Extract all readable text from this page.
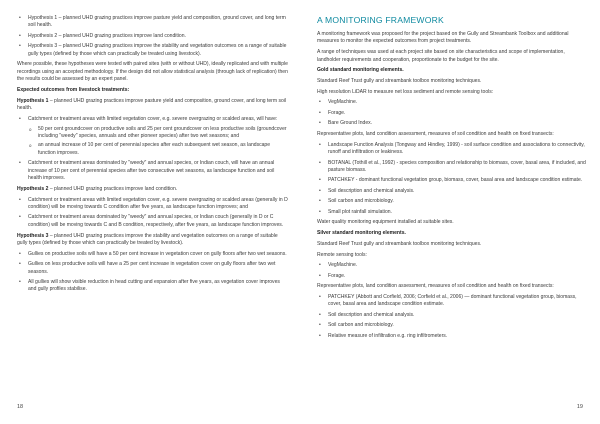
• Hypothesis 1 – planned UHD grazing practices improve pasture yield and composition, ground cover, and long term soil health.
• Hypothesis 2 – planned UHD grazing practices improve land condition.
• Hypothesis 3 – planned UHD grazing practices improve the stability and vegetation outcomes on a range of suitable gully types (defined by those which can practically be treated using livestock).

Where possible, these hypotheses were tested with paired sites (with or without UHD), ideally replicated and with multiple recordings using an accepted methodology. If the design did not allow statistical analysis (through lack of replication) then the results could be assessed by an expert panel.

Expected outcomes from livestock treatments:

Hypothesis 1 – planned UHD grazing practices improve pasture yield and composition, ground cover, and long term soil health.

• Catchment or treatment areas with limited vegetation cover, e.g. severe overgrazing or scalded areas, will have:
o 50 per cent groundcover on productive soils and 25 per cent groundcover on less productive soils (groundcover including "weedy" species, annuals and other pioneer species) after two wet seasons; and
o an annual increase of 10 per cent of perennial species after each subsequent wet season, as landscape function improves.
• Catchment or treatment areas dominated by "weedy" and annual species, or Indian couch, will have an annual increase of 10 per cent of perennial species after two consecutive wet seasons, as landscape function and soil health improves.

Hypothesis 2 – planned UHD grazing practices improve land condition.

• Catchment or treatment areas with limited vegetation cover, e.g. severe overgrazing or scalded areas (generally in D condition) will be moving towards C condition after five years, as landscape function improves; and
• Catchment or treatment areas dominated by "weedy" and annual species, or Indian couch (generally in D or C condition) will be moving towards C and B condition, respectively, after five years, as landscape function improves.

Hypothesis 3 – planned UHD grazing practices improve the stability and vegetation outcomes on a range of suitable gully types (defined by those which can practically be treated by livestock).

• Gullies on productive soils will have a 50 per cent increase in vegetation cover on gully floors after two wet seasons.
• Gullies on less productive soils will have a 25 per cent increase in vegetation cover on gully floors after two wet seasons.
• All gullies will show visible reduction in head cutting and expansion after five years, as vegetation cover improves and gully profiles stabilise.
18
A MONITORING FRAMEWORK

A monitoring framework was proposed for the project based on the Gully and Streambank Toolbox and additional measures to monitor the expected outcomes from project treatments.

A range of techniques was used at each project site based on site characteristics and scope of implementation, landholder requirements and cooperation, proportionate to the budget for the site.

Gold standard monitoring elements.

Standard Reef Trust gully and streambank toolbox monitoring techniques.

High resolution LiDAR to measure net loss sediment and remote sensing tools:

• VegMachine.
• Forage.
• Bare Ground Index.

Representative plots, land condition assessment, measures of soil condition and health on fixed transects:

• Landscape Function Analysis (Tongway and Hindley, 1999) - soil surface condition and associations to connectivity, runoff and infiltration or leakiness.
• BOTANAL (Tothill et al., 1992) - species composition and relationship to biomass, cover, basal area, if included, and pasture biomass.
• PATCHKEY - dominant functional vegetation group, biomass, cover, basal area and landscape condition estimate.
• Soil description and chemical analysis.
• Soil carbon and microbiology.
• Small plot rainfall simulation.

Water quality monitoring equipment installed at suitable sites.

Silver standard monitoring elements.

Standard Reef Trust gully and streambank toolbox monitoring techniques.

Remote sensing tools:

• VegMachine.
• Forage.

Representative plots, land condition assessment, measures of soil condition and health on fixed transects:

• PATCHKEY (Abbott and Corfield, 2006; Corfield et al., 2006) — dominant functional vegetation group, biomass, cover, basal area and landscape condition estimate.
• Soil description and chemical analysis.
• Soil carbon and microbiology.
• Relative measure of infiltration e.g. ring infiltrometers.
19
